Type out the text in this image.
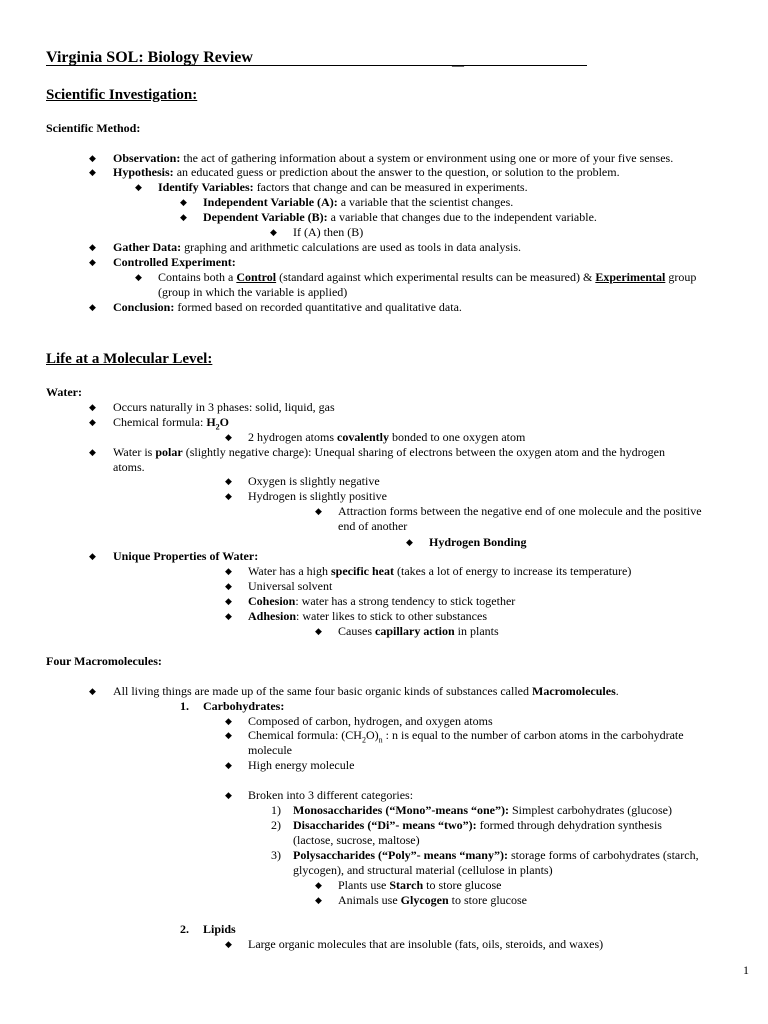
Virginia SOL: Biology Review	__
Scientific Investigation:
Scientific Method:
◆ Observation: the act of gathering information about a system or environment using one or more of your five senses.
◆ Hypothesis: an educated guess or prediction about the answer to the question, or solution to the problem.
◆ Identify Variables: factors that change and can be measured in experiments.
◆ Independent Variable (A): a variable that the scientist changes.
◆ Dependent Variable (B): a variable that changes due to the independent variable.
◆ If (A) then (B)
◆ Gather Data: graphing and arithmetic calculations are used as tools in data analysis.
◆ Controlled Experiment:
◆ Contains both a Control (standard against which experimental results can be measured) & Experimental group
(group in which the variable is applied)
◆ Conclusion: formed based on recorded quantitative and qualitative data.
Life at a Molecular Level:
Water:
◆ Occurs naturally in 3 phases: solid, liquid, gas
◆ Chemical formula: $H_2O$
◆ 2 hydrogen atoms covalently bonded to one oxygen atom
◆ Water is polar (slightly negative charge): Unequal sharing of electrons between the oxygen atom and the hydrogen
atoms.
◆ Oxygen is slightly negative
◆ Hydrogen is slightly positive
◆ Attraction forms between the negative end of one molecule and the positive
end of another
◆ Hydrogen Bonding
◆ Unique Properties of Water:
◆ Water has a high specific heat (takes a lot of energy to increase its temperature)
◆ Universal solvent
◆ Cohesion: water has a strong tendency to stick together
◆ Adhesion: water likes to stick to other substances
◆ Causes capillary action in plants
Four Macromolecules:
◆ All living things are made up of the same four basic organic kinds of substances called Macromolecules.
1. Carbohydrates:
◆ Composed of carbon, hydrogen, and oxygen atoms
◆ Chemical formula: $(CH_2O)_n$ : n is equal to the number of carbon atoms in the carbohydrate
molecule
◆ High energy molecule
◆ Broken into 3 different categories:
1) Monosaccharides (“Mono”-means “one”): Simplest carbohydrates (glucose)
2) Disaccharides (“Di”- means “two”): formed through dehydration synthesis
(lactose, sucrose, maltose)
3) Polysaccharides (“Poly”- means “many”): storage forms of carbohydrates (starch,
glycogen), and structural material (cellulose in plants)
◆ Plants use Starch to store glucose
◆ Animals use Glycogen to store glucose
2. Lipids
◆ Large organic molecules that are insoluble (fats, oils, steroids, and waxes)
1
